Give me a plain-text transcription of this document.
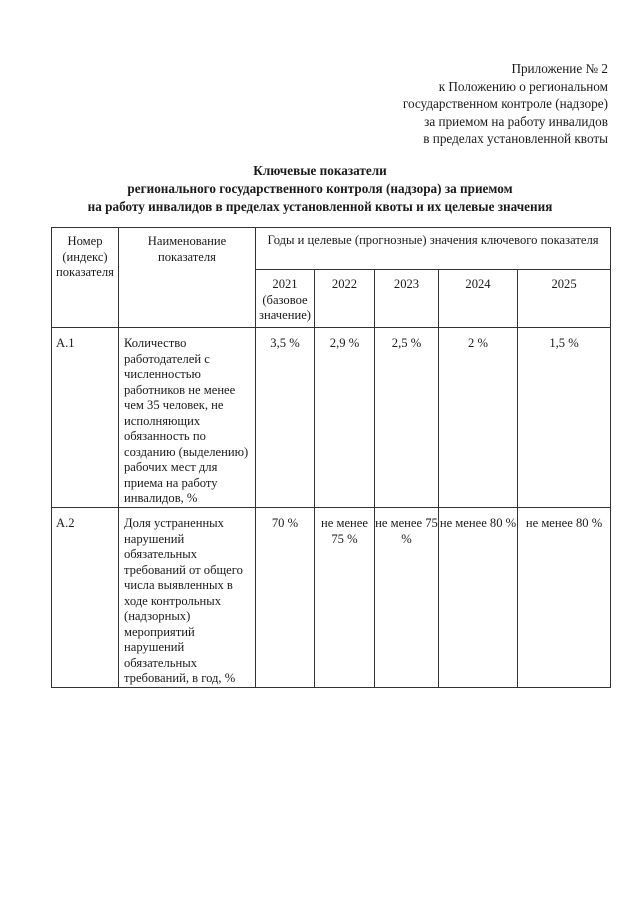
Приложение № 2
к Положению о региональном
государственном контроле (надзоре)
за приемом на работу инвалидов
в пределах установленной квоты
Ключевые показатели
регионального государственного контроля (надзора) за приемом
на работу инвалидов в пределах установленной квоты и их целевые значения
Номер (индекс) показателя	Наименование показателя	Годы и целевые (прогнозные) значения ключевого показателя				
		2021 (базовое значение)	2022	2023	2024	2025
А.1	Количество работодателей с численностью работников не менее чем 35 человек, не исполняющих обязанность по созданию (выделению) рабочих мест для приема на работу инвалидов, %	3,5 %	2,9 %	2,5 %	2 %	1,5 %
А.2	Доля устраненных нарушений обязательных требований от общего числа выявленных в ходе контрольных (надзорных) мероприятий нарушений обязательных требований, в год, %	70 %	не менее 75 %	не менее 75 %	не менее 80 %	не менее 80 %
